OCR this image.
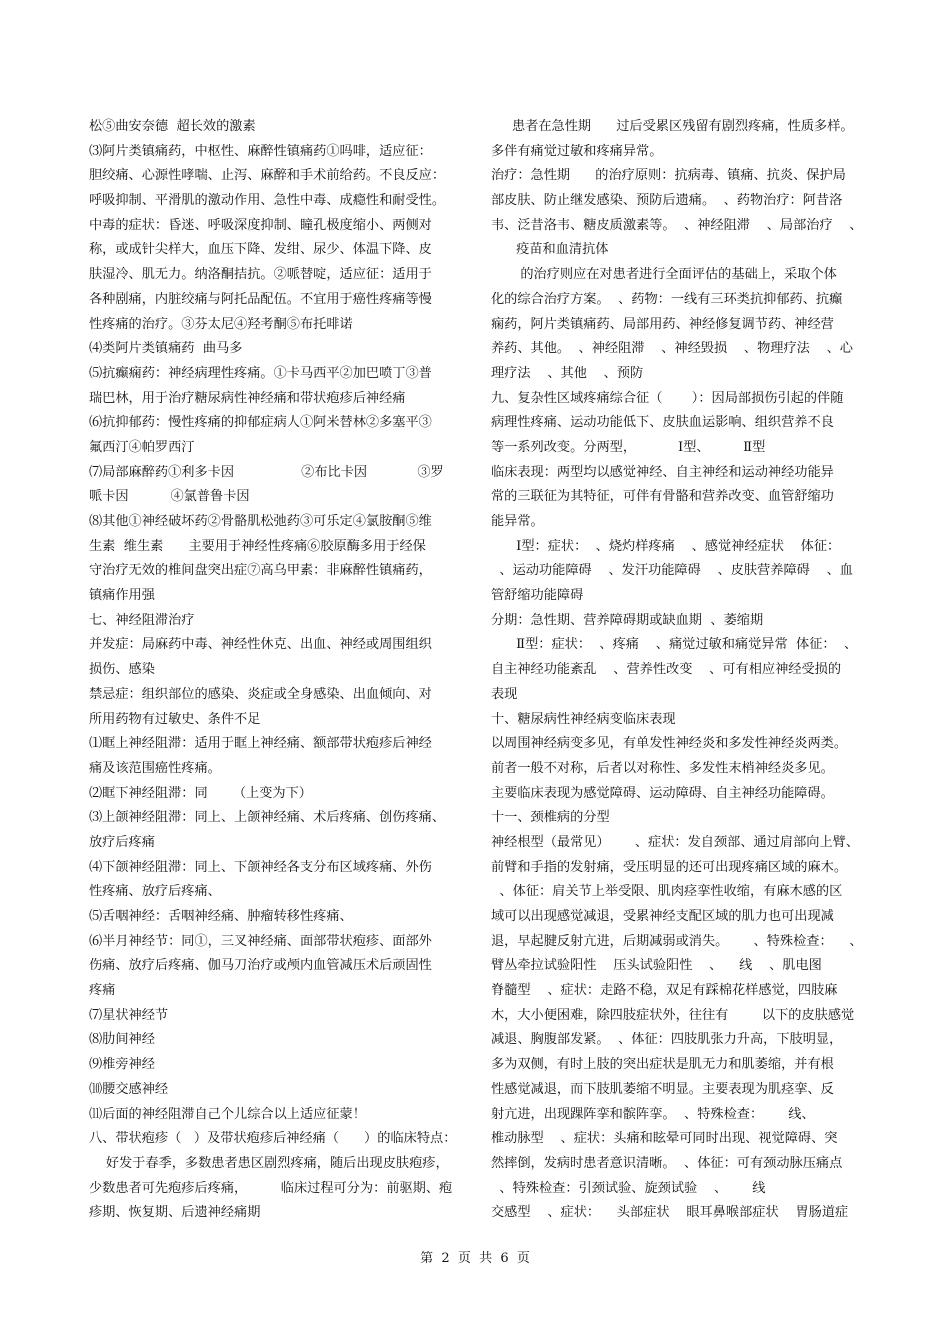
松⑤曲安奈德  超长效的激素
⑶阿片类镇痛药，中枢性、麻醉性镇痛药①吗啡，适应征：
胆绞痛、心源性哮喘、止泻、麻醉和手术前给药。不良反应：
呼吸抑制、平滑肌的激动作用、急性中毒、成瘾性和耐受性。
中毒的症状：昏迷、呼吸深度抑制、瞳孔极度缩小、两侧对
称，或成针尖样大，血压下降、发绀、尿少、体温下降、皮
肤湿冷、肌无力。纳洛酮拮抗。②哌替啶，适应征：适用于
各种剧痛，内脏绞痛与阿托品配伍。不宜用于癌性疼痛等慢
性疼痛的治疗。③芬太尼④羟考酮⑤布托啡诺
⑷类阿片类镇痛药  曲马多
⑸抗癫痫药：神经病理性疼痛。①卡马西平②加巴喷丁③普
瑞巴林，用于治疗糖尿病性神经痛和带状疱疹后神经痛
⑹抗抑郁药：慢性疼痛的抑郁症病人①阿米替林②多塞平③
氟西汀④帕罗西汀
⑺局部麻醉药①利多卡因                ②布比卡因            ③罗
哌卡因          ④氯普鲁卡因
⑻其他①神经破坏药②骨骼肌松弛药③可乐定④氯胺酮⑤维
生素  维生素      主要用于神经性疼痛⑥胶原酶多用于经保
守治疗无效的椎间盘突出症⑦高乌甲素：非麻醉性镇痛药，
镇痛作用强
七、神经阻滞治疗
并发症：局麻药中毒、神经性休克、出血、神经或周围组织
损伤、感染
禁忌症：组织部位的感染、炎症或全身感染、出血倾向、对
所用药物有过敏史、条件不足
⑴眶上神经阻滞：适用于眶上神经痛、额部带状疱疹后神经
痛及该范围癌性疼痛。
⑵眶下神经阻滞：同      （上变为下）
⑶上颌神经阻滞：同上、上颌神经痛、术后疼痛、创伤疼痛、
放疗后疼痛
⑷下颌神经阻滞：同上、下颌神经各支分布区域疼痛、外伤
性疼痛、放疗后疼痛、
⑸舌咽神经：舌咽神经痛、肿瘤转移性疼痛、
⑹半月神经节：同①，三叉神经痛、面部带状疱疹、面部外
伤痛、放疗后疼痛、伽马刀治疗或颅内血管减压术后顽固性
疼痛
⑺星状神经节
⑻肋间神经
⑼椎旁神经
⑽腰交感神经
⑾后面的神经阻滞自己个儿综合以上适应征蒙！
八、带状疱疹（   ）及带状疱疹后神经痛（      ）的临床特点：
好发于春季，多数患者患区剧烈疼痛，随后出现皮肤疱疹，
少数患者可先疱疹后疼痛，        临床过程可分为：前驱期、疱
疹期、恢复期、后遗神经痛期
患者在急性期      过后受累区残留有剧烈疼痛，性质多样。
多伴有痛觉过敏和疼痛异常。
治疗：急性期      的治疗原则：抗病毒、镇痛、抗炎、保护局
部皮肤、防止继发感染、预防后遗痛。  、药物治疗：阿昔洛
韦、泛昔洛韦、糖皮质激素等。  、神经阻滞    、局部治疗    、
疫苗和血清抗体
的治疗则应在对患者进行全面评估的基础上，采取个体
化的综合治疗方案。  、药物：一线有三环类抗抑郁药、抗癫
痫药，阿片类镇痛药、局部用药、神经修复调节药、神经营
养药、其他。  、神经阻滞    、神经毁损    、物理疗法    、心
理疗法    、其他    、预防
九、复杂性区域疼痛综合征（       ）：因局部损伤引起的伴随
病理性疼痛、运动功能低下、皮肤血运影响、组织营养不良
等一系列改变。分两型，          Ⅰ型、        Ⅱ型
临床表现：两型均以感觉神经、自主神经和运动神经功能异
常的三联征为其特征，可伴有骨骼和营养改变、血管舒缩功
能异常。
Ⅰ型：症状：  、烧灼样疼痛    、感觉神经症状    体征：
、运动功能障碍    、发汗功能障碍    、皮肤营养障碍    、血
管舒缩功能障碍
分期：急性期、营养障碍期或缺血期  、萎缩期
Ⅱ型：症状：  、疼痛    、痛觉过敏和痛觉异常  体征：  、
自主神经功能紊乱    、营养性改变    、可有相应神经受损的
表现
十、糖尿病性神经病变临床表现
以周围神经病变多见，有单发性神经炎和多发性神经炎两类。
前者一般不对称，后者以对称性、多发性末梢神经炎多见。
主要临床表现为感觉障碍、运动障碍、自主神经功能障碍。
十一、颈椎病的分型
神经根型（最常见）      、症状：发自颈部、通过肩部向上臂、
前臂和手指的发射痛，受压明显的还可出现疼痛区域的麻木。
、体征：肩关节上举受限、肌肉痉挛性收缩，有麻木感的区
域可以出现感觉减退，受累神经支配区域的肌力也可出现减
退，早起腱反射亢进，后期减弱或消失。      、特殊检查：    、
臂丛牵拉试验阳性    压头试验阳性    、    线    、肌电图
脊髓型    、症状：走路不稳，双足有踩棉花样感觉，四肢麻
木，大小便困难，除四肢症状外，往往有        以下的皮肤感觉
减退、胸腹部发紧。  、体征：四肢肌张力升高，下肢明显，
多为双侧，有时上肢的突出症状是肌无力和肌萎缩，并有根
性感觉减退，而下肢肌萎缩不明显。主要表现为肌痉挛、反
射亢进，出现踝阵挛和髌阵挛。  、特殊检查：      线、
椎动脉型    、症状：头痛和眩晕可同时出现、视觉障碍、突
然摔倒，发病时患者意识清晰。  、体征：可有颈动脉压痛点
、特殊检查：引颈试验、旋颈试验    、      线
交感型    、症状：    头部症状    眼耳鼻喉部症状    胃肠道症
第  2  页  共  6  页
